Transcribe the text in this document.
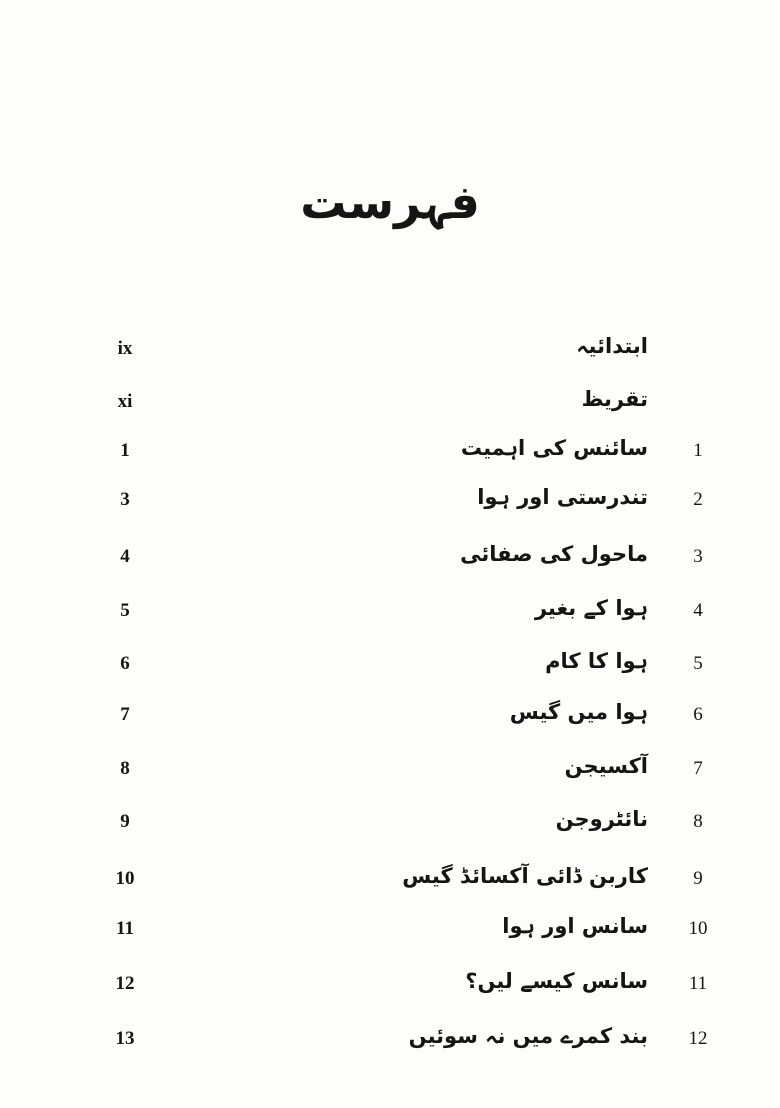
فہرست
ix	ابتدائیہ
xi	تقریظ
1	سائنس کی اہمیت	1
3	تندرستی اور ہوا	2
4	ماحول کی صفائی	3
5	ہوا کے بغیر	4
6	ہوا کا کام	5
7	ہوا میں گیس	6
8	آکسیجن	7
9	نائٹروجن	8
10	کاربن ڈائی آکسائڈ گیس	9
11	سانس اور ہوا	10
12	سانس کیسے لیں؟	11
13	بند کمرے میں نہ سوئیں	12
